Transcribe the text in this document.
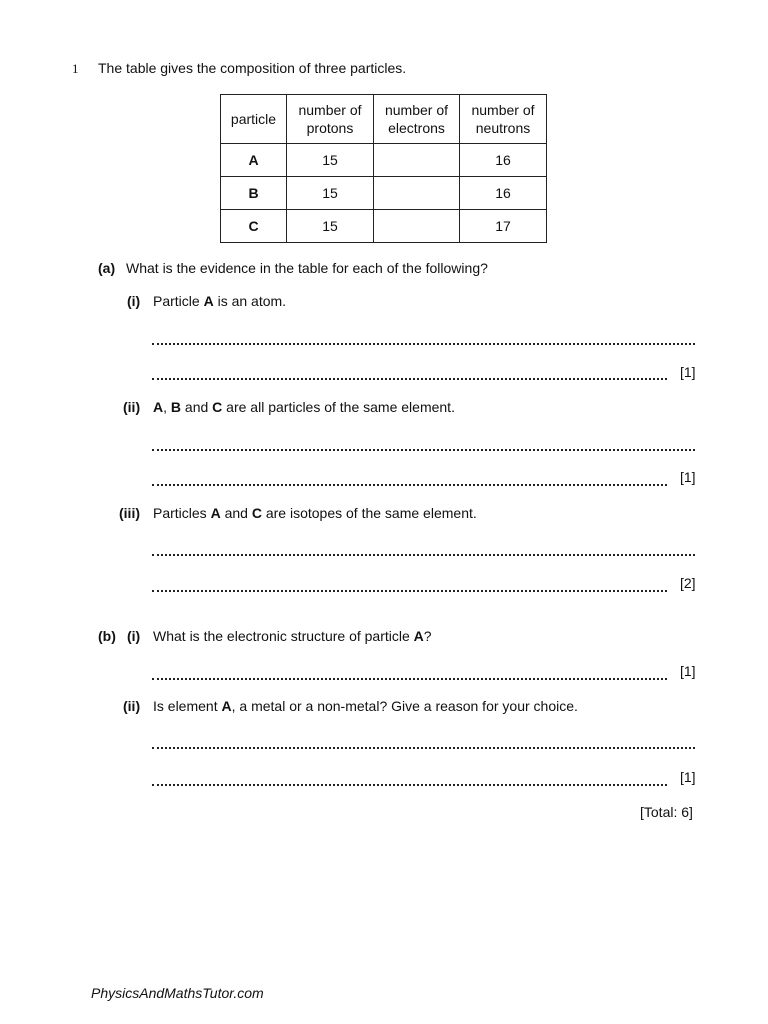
1 The table gives the composition of three particles.
particle	number of protons	number of electrons	number of neutrons
A	15		16
B	15		16
C	15		17
(a) What is the evidence in the table for each of the following?
(i) Particle A is an atom.
[1]
(ii) A, B and C are all particles of the same element.
[1]
(iii) Particles A and C are isotopes of the same element.
[2]
(b) (i) What is the electronic structure of particle A?
[1]
(ii) Is element A, a metal or a non-metal? Give a reason for your choice.
[1]
[Total: 6]
PhysicsAndMathsTutor.com
